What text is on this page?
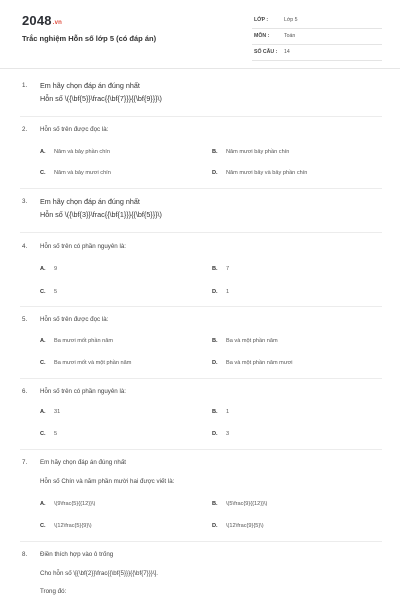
2048.vn
Trắc nghiệm Hỗn số lớp 5 (có đáp án)
LỚP :	Lớp 5
MÔN :	Toán
SỐ CÂU : 14
1. Em hãy chọn đáp án đúng nhất
Hỗn số \({\bf{5}}\frac{{\bf{7}}}{{\bf{9}}}\)
2. Hỗn số trên được đọc là:
A. Năm và bảy phần chín	B. Năm mươi bảy phần chín
C. Năm và bảy mươi chín	D. Năm mươi bảy và bảy phần chín
3. Em hãy chọn đáp án đúng nhất
Hỗn số \({\bf{3}}\frac{{\bf{1}}}{{\bf{5}}}\)
4. Hỗn số trên có phần nguyên là:
A. 9	B. 7
C. 5	D. 1
5. Hỗn số trên được đọc là:
A. Ba mươi mốt phần năm	B. Ba và một phần năm
C. Ba mươi mốt và một phần năm	D. Ba và một phần năm mươi
6. Hỗn số trên có phần nguyên là:
A. 31	B. 1
C. 5	D. 3
7. Em hãy chọn đáp án đúng nhất
Hỗn số Chín và năm phần mười hai được viết là:
A. \(9\frac{5}{{12}}\)	B. \(5\frac{9}{{12}}\)
C. \(12\frac{5}{9}\)	D. \(12\frac{9}{5}\)
8. Điền thích hợp vào ô trống
Cho hỗn số \[{\bf{2}}\frac{{\bf{5}}}{{\bf{7}}}\].
Trong đó:
